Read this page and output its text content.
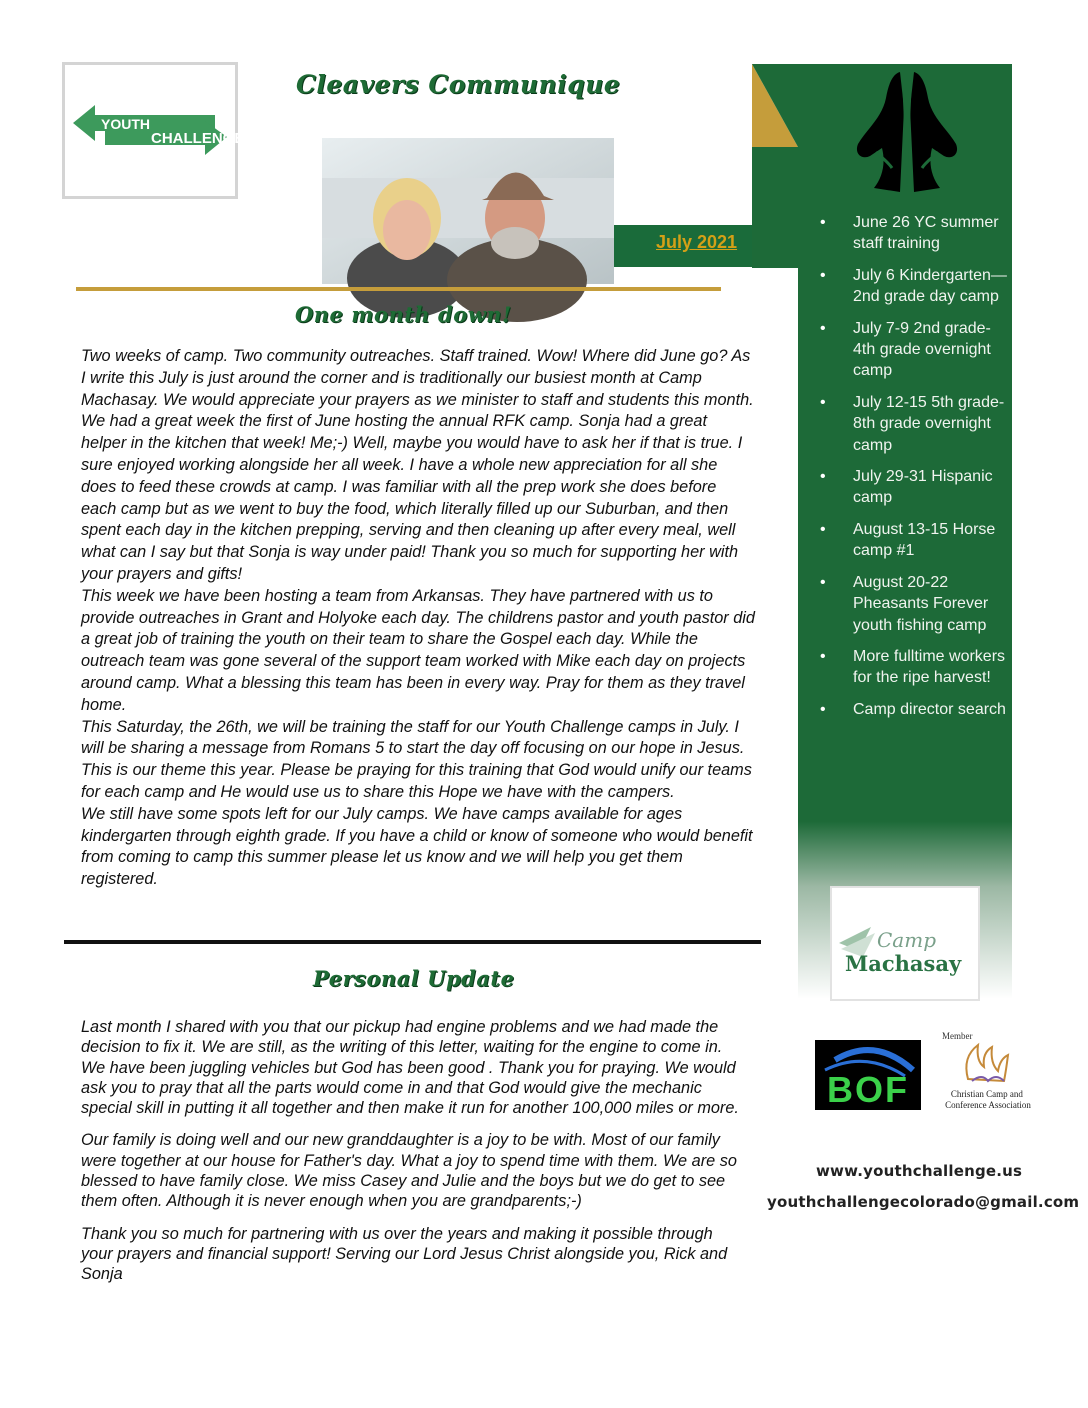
YOUTH
CHALLENGE
Cleavers Communique
July 2021
One month down!

Two weeks of camp. Two community outreaches. Staff trained. Wow! Where did June go? As I write this July is just around the corner and is traditionally our busiest month at Camp Machasay. We would appreciate your prayers as we minister to staff and students this month.

We had a great week the first of June hosting the annual RFK camp. Sonja had a great helper in the kitchen that week! Me;-) Well, maybe you would have to ask her if that is true. I sure enjoyed working alongside her all week. I have a whole new appreciation for all she does to feed these crowds at camp. I was familiar with all the prep work she does before each camp but as we went to buy the food, which literally filled up our Suburban, and then spent each day in the kitchen prepping, serving and then cleaning up after every meal, well what can I say but that Sonja is way under paid! Thank you so much for supporting her with your prayers and gifts!

This week we have been hosting a team from Arkansas. They have partnered with us to provide outreaches in Grant and Holyoke each day. The childrens pastor and youth pastor did a great job of training the youth on their team to share the Gospel each day. While the outreach team was gone several of the support team worked with Mike each day on projects around camp. What a blessing this team has been in every way. Pray for them as they travel home.

This Saturday, the 26th, we will be training the staff for our Youth Challenge camps in July. I will be sharing a message from Romans 5 to start the day off focusing on our hope in Jesus. This is our theme this year. Please be praying for this training that God would unify our teams for each camp and He would use us to share this Hope we have with the campers.

We still have some spots left for our July camps. We have camps available for ages kindergarten through eighth grade. If you have a child or know of someone who would benefit from coming to camp this summer please let us know and we will help you get them registered.

Personal Update

Last month I shared with you that our pickup had engine problems and we had made the decision to fix it. We are still, as the writing of this letter, waiting for the engine to come in. We have been juggling vehicles but God has been good . Thank you for praying. We would ask you to pray that all the parts would come in and that God would give the mechanic special skill in putting it all together and then make it run for another 100,000 miles or more.

Our family is doing well and our new granddaughter is a joy to be with. Most of our family were together at our house for Father's day. What a joy to spend time with them. We are so blessed to have family close. We miss Casey and Julie and the boys but we do get to see them often. Although it is never enough when you are grandparents;-)

Thank you so much for partnering with us over the years and making it possible through your prayers and financial support! Serving our Lord Jesus Christ alongside you, Rick and Sonja

• June 26 YC summer staff training
• July 6 Kindergarten—2nd grade day camp
• July 7-9 2nd grade-4th grade overnight camp
• July 12-15 5th grade-8th grade overnight camp
• July 29-31 Hispanic camp
• August 13-15 Horse camp #1
• August 20-22 Pheasants Forever youth fishing camp
• More fulltime workers for the ripe harvest!
• Camp director search
Camp
Machasay
BOF
Member
Christian Camp and Conference Association
www.youthchallenge.us
youthchallengecolorado@gmail.com
